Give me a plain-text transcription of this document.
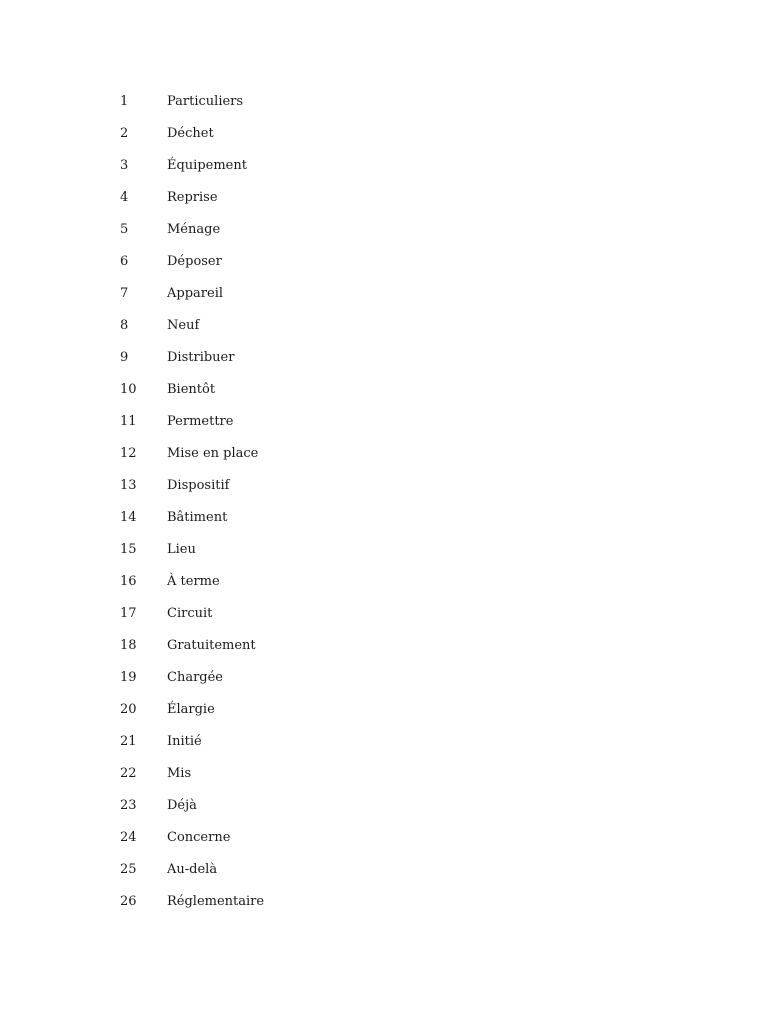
1	Particuliers
2	Déchet
3	Équipement
4	Reprise
5	Ménage
6	Déposer
7	Appareil
8	Neuf
9	Distribuer
10	Bientôt
11	Permettre
12	Mise en place
13	Dispositif
14	Bâtiment
15	Lieu
16	À terme
17	Circuit
18	Gratuitement
19	Chargée
20	Élargie
21	Initié
22	Mis
23	Déjà
24	Concerne
25	Au-delà
26	Réglementaire
